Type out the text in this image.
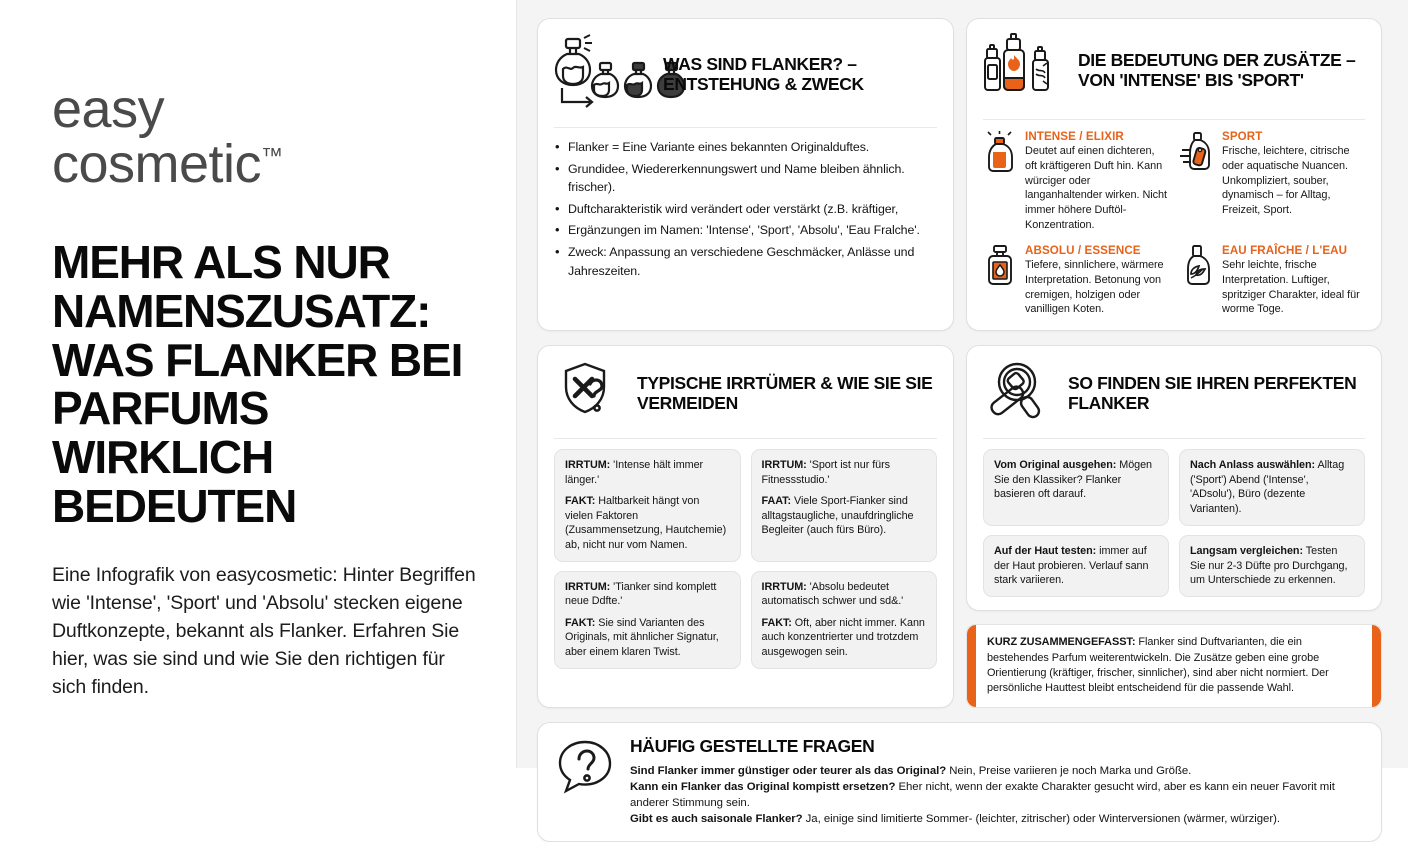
easy
cosmetic™
MEHR ALS NUR NAMENSZUSATZ: WAS FLANKER BEI PARFUMS WIRKLICH BEDEUTEN

Eine Infografik von easycosmetic: Hinter Begriffen wie 'Intense', 'Sport' und 'Absolu' stecken eigene Duftkonzepte, bekannt als Flanker. Erfahren Sie hier, was sie sind und wie Sie den richtigen für sich finden.

WAS SIND FLANKER? – ENTSTEHUNG & ZWECK
• Flanker = Eine Variante eines bekannten Originalduftes.
• Grundidee, Wiedererkennungswert und Name bleiben ähnlich. frischer).
• Duftcharakteristik wird verändert oder verstärkt (z.B. kräftiger,
• Ergänzungen im Namen: 'Intense', 'Sport', 'Absolu', 'Eau Fralche'.
• Zweck: Anpassung an verschiedene Geschmäcker, Anlässe und Jahreszeiten.
DIE BEDEUTUNG DER ZUSÄTZE – VON 'INTENSE' BIS 'SPORT'
INTENSE / ELIXIR
Deutet auf einen dichteren, oft kräftigeren Duft hin. Kann würciger oder langanhaltender wirken. Nicht immer höhere Duftöl-Konzentration.
SPORT
Frische, leichtere, citrische oder aquatische Nuancen. Unkompliziert, souber, dynamisch – for Alltag, Freizeit, Sport.
ABSOLU / ESSENCE
Tiefere, sinnlichere, wärmere Interpretation. Betonung von cremigen, holzigen oder vanilligen Koten.
EAU FRAÎCHE / L'EAU
Sehr leichte, frische Interpretation. Luftiger, spritziger Charakter, ideal für worme Toge.
TYPISCHE IRRTÜMER & WIE SIE SIE VERMEIDEN
IRRTUM: 'Intense hält immer länger.'
FAKT: Haltbarkeit hängt von vielen Faktoren (Zusammensetzung, Hautchemie) ab, nicht nur vom Namen.
IRRTUM: 'Sport ist nur fürs Fitnessstudio.'
FAAT: Viele Sport-Fianker sind alltagstaugliche, unaufdringliche Begleiter (auch fürs Büro).
IRRTUM: 'Tianker sind komplett neue Ddfte.'
FAKT: Sie sind Varianten des Originals, mit ähnlicher Signatur, aber einem klaren Twist.
IRRTUM: 'Absolu bedeutet automatisch schwer und sd&.'
FAKT: Oft, aber nicht immer. Kann auch konzentrierter und trotzdem ausgewogen sein.
SO FINDEN SIE IHREN PERFEKTEN FLANKER
Vom Original ausgehen: Mögen Sie den Klassiker? Flanker basieren oft darauf.
Nach Anlass auswählen: Alltag ('Sport') Abend ('Intense', 'ADsolu'), Büro (dezente Varianten).
Auf der Haut testen: immer auf der Haut probieren. Verlauf sann stark variieren.
Langsam vergleichen: Testen Sie nur 2-3 Düfte pro Durchgang, um Unterschiede zu erkennen.
KURZ ZUSAMMENGEFASST: Flanker sind Duftvarianten, die ein bestehendes Parfum weiterentwickeln. Die Zusätze geben eine grobe Orientierung (kräftiger, frischer, sinnlicher), sind aber nicht normiert. Der persönliche Hauttest bleibt entscheidend für die passende Wahl.
HÄUFIG GESTELLTE FRAGEN
Sind Flanker immer günstiger oder teurer als das Original? Nein, Preise variieren je noch Marka und Größe.
Kann ein Flanker das Original kompistt ersetzen? Eher nicht, wenn der exakte Charakter gesucht wird, aber es kann ein neuer Favorit mit anderer Stimmung sein.
Gibt es auch saisonale Flanker? Ja, einige sind limitierte Sommer- (leichter, zitrischer) oder Winterversionen (wärmer, würziger).
